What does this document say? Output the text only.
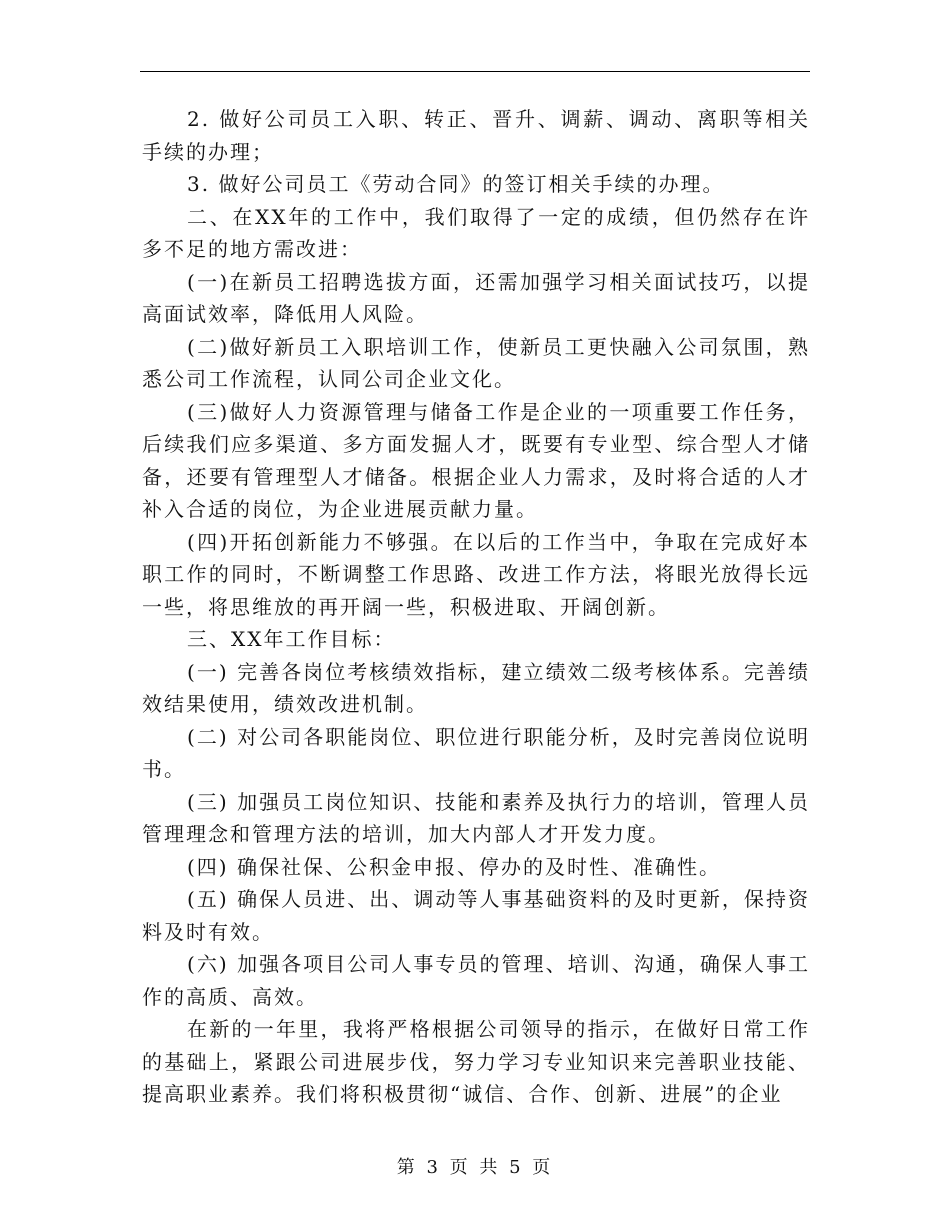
2. 做好公司员工入职、转正、晋升、调薪、调动、离职等相关手续的办理；

3. 做好公司员工《劳动合同》的签订相关手续的办理。

二、在XX年的工作中，我们取得了一定的成绩，但仍然存在许多不足的地方需改进：

(一)在新员工招聘选拔方面，还需加强学习相关面试技巧，以提高面试效率，降低用人风险。

(二)做好新员工入职培训工作，使新员工更快融入公司氛围，熟悉公司工作流程，认同公司企业文化。

(三)做好人力资源管理与储备工作是企业的一项重要工作任务，后续我们应多渠道、多方面发掘人才，既要有专业型、综合型人才储备，还要有管理型人才储备。根据企业人力需求，及时将合适的人才补入合适的岗位，为企业进展贡献力量。

(四)开拓创新能力不够强。在以后的工作当中，争取在完成好本职工作的同时，不断调整工作思路、改进工作方法，将眼光放得长远一些，将思维放的再开阔一些，积极进取、开阔创新。

三、XX年工作目标：

(一) 完善各岗位考核绩效指标，建立绩效二级考核体系。完善绩效结果使用，绩效改进机制。

(二) 对公司各职能岗位、职位进行职能分析，及时完善岗位说明书。

(三) 加强员工岗位知识、技能和素养及执行力的培训，管理人员管理理念和管理方法的培训，加大内部人才开发力度。

(四) 确保社保、公积金申报、停办的及时性、准确性。

(五) 确保人员进、出、调动等人事基础资料的及时更新，保持资料及时有效。

(六) 加强各项目公司人事专员的管理、培训、沟通，确保人事工作的高质、高效。

在新的一年里，我将严格根据公司领导的指示，在做好日常工作的基础上，紧跟公司进展步伐，努力学习专业知识来完善职业技能、提高职业素养。我们将积极贯彻“诚信、合作、创新、进展”的企业

第 3 页 共 5 页
